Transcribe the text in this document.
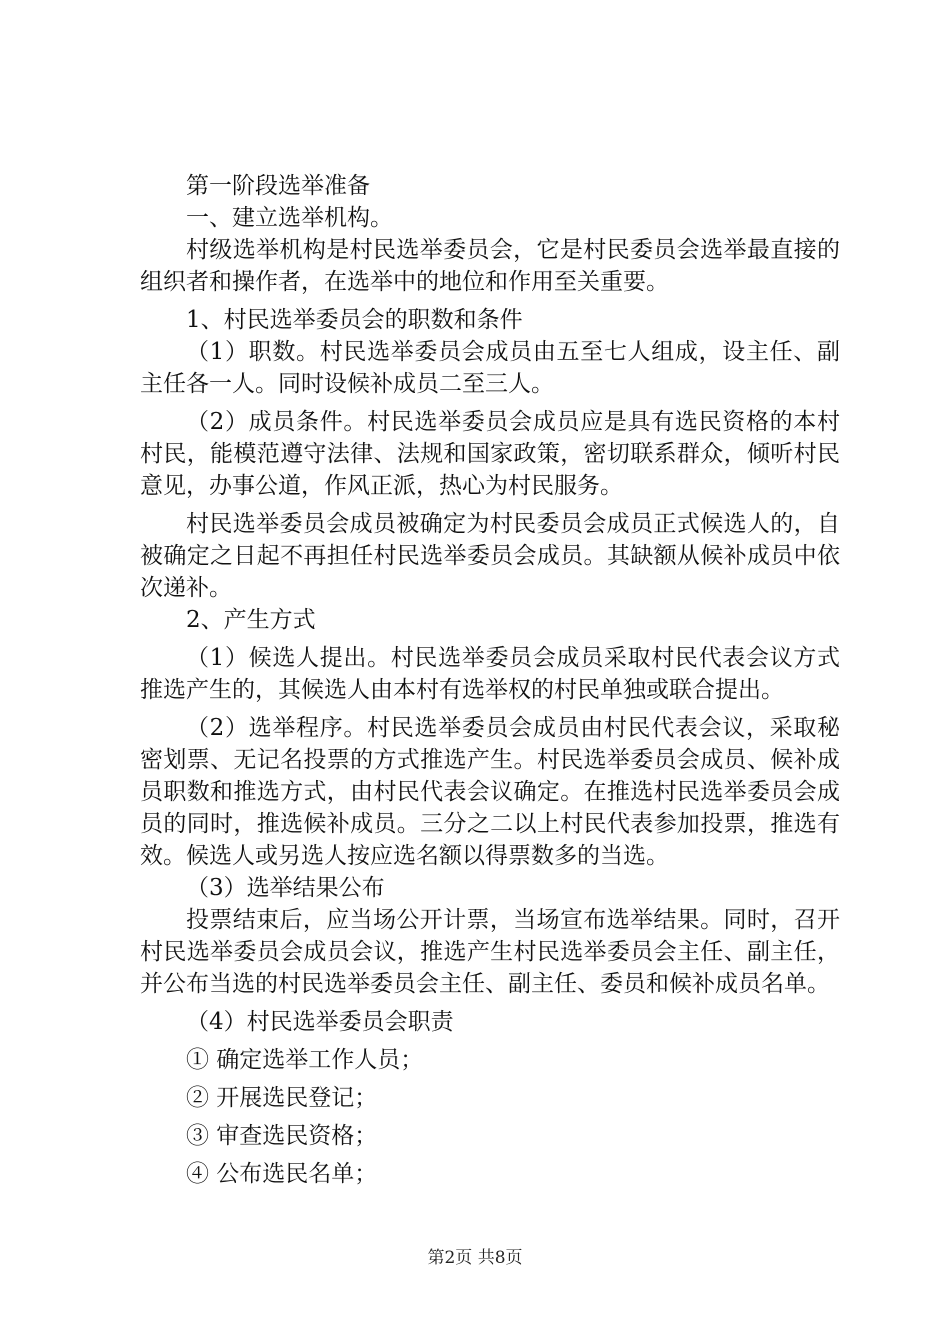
第一阶段选举准备

一、建立选举机构。

村级选举机构是村民选举委员会，它是村民委员会选举最直接的组织者和操作者，在选举中的地位和作用至关重要。

1、村民选举委员会的职数和条件

（1）职数。村民选举委员会成员由五至七人组成，设主任、副主任各一人。同时设候补成员二至三人。

（2）成员条件。村民选举委员会成员应是具有选民资格的本村村民，能模范遵守法律、法规和国家政策，密切联系群众，倾听村民意见，办事公道，作风正派，热心为村民服务。

村民选举委员会成员被确定为村民委员会成员正式候选人的，自被确定之日起不再担任村民选举委员会成员。其缺额从候补成员中依次递补。

2、产生方式

（1）候选人提出。村民选举委员会成员采取村民代表会议方式推选产生的，其候选人由本村有选举权的村民单独或联合提出。

（2）选举程序。村民选举委员会成员由村民代表会议，采取秘密划票、无记名投票的方式推选产生。村民选举委员会成员、候补成员职数和推选方式，由村民代表会议确定。在推选村民选举委员会成员的同时，推选候补成员。三分之二以上村民代表参加投票，推选有效。候选人或另选人按应选名额以得票数多的当选。

（3）选举结果公布

投票结束后，应当场公开计票，当场宣布选举结果。同时，召开村民选举委员会成员会议，推选产生村民选举委员会主任、副主任，并公布当选的村民选举委员会主任、副主任、委员和候补成员名单。

（4）村民选举委员会职责

① 确定选举工作人员；

② 开展选民登记；

③ 审查选民资格；

④ 公布选民名单；

第2页 共8页
